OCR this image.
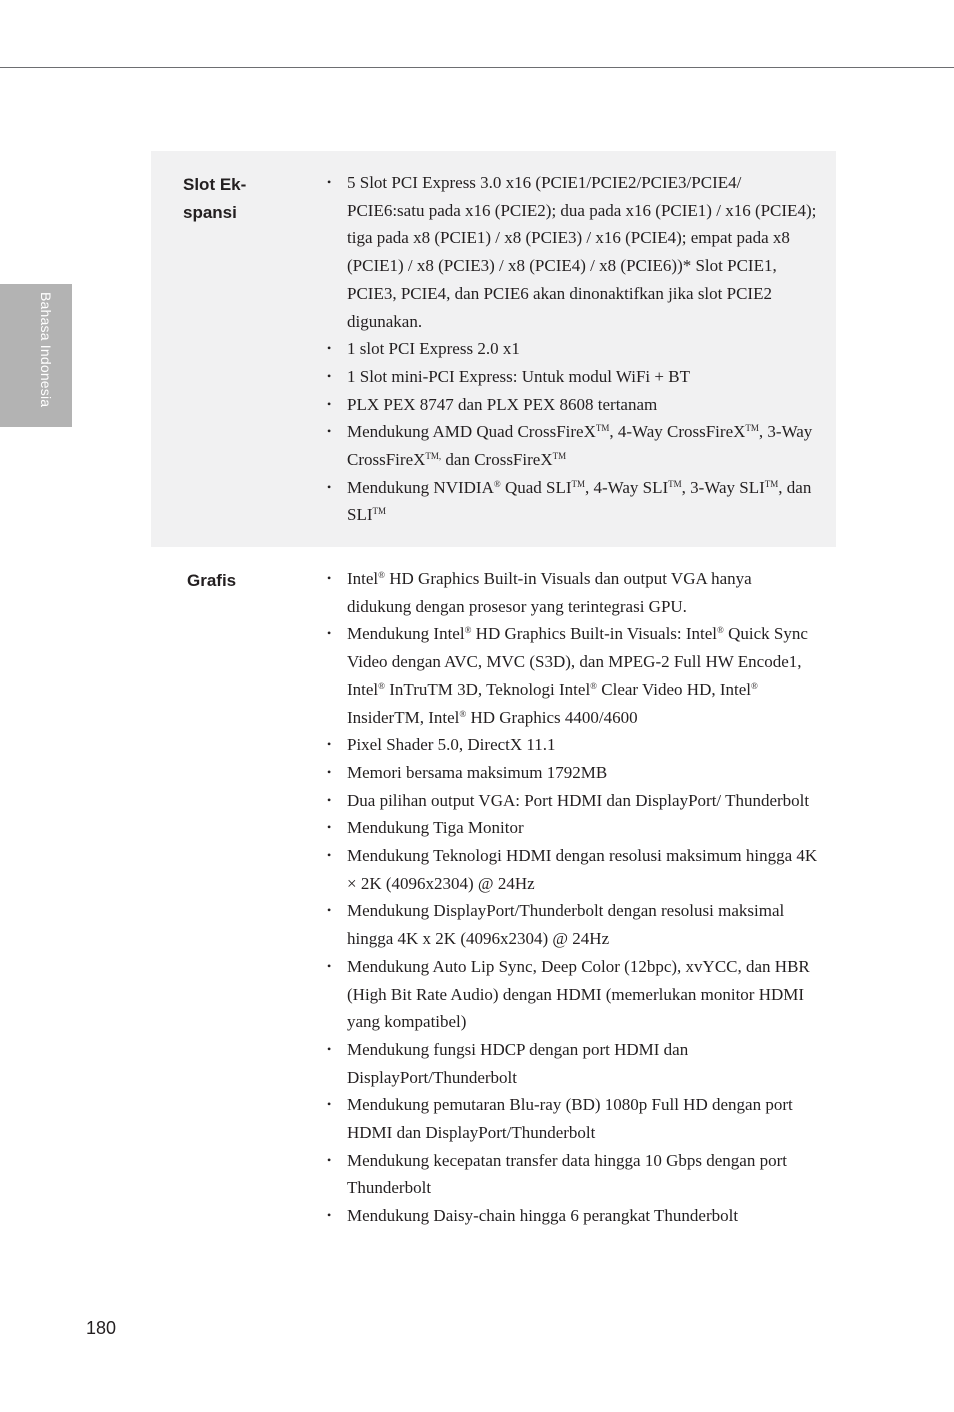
Bahasa Indonesia
Slot Ek-
spansi
• 5 Slot PCI Express 3.0 x16 (PCIE1/PCIE2/PCIE3/PCIE4/ PCIE6:satu pada x16 (PCIE2); dua pada x16 (PCIE1) / x16 (PCIE4); tiga pada x8 (PCIE1) / x8 (PCIE3) / x16 (PCIE4); empat pada x8 (PCIE1) / x8 (PCIE3) / x8 (PCIE4) / x8 (PCIE6))* Slot PCIE1, PCIE3, PCIE4, dan PCIE6 akan dinonaktifkan jika slot PCIE2 digunakan.
• 1 slot PCI Express 2.0 x1
• 1 Slot mini-PCI Express: Untuk modul WiFi + BT
• PLX PEX 8747 dan PLX PEX 8608 tertanam
• Mendukung AMD Quad CrossFireX™, 4-Way CrossFireX™, 3-Way CrossFireX$^{TM,}$ dan CrossFireX™
• Mendukung NVIDIA® Quad SLI™, 4-Way SLI™, 3-Way SLI™, dan SLI™
Grafis	• Intel® HD Graphics Built-in Visuals dan output VGA hanya didukung dengan prosesor yang terintegrasi GPU.
• Mendukung Intel® HD Graphics Built-in Visuals: Intel® Quick Sync Video dengan AVC, MVC (S3D), dan MPEG-2 Full HW Encode1, Intel® InTruTM 3D, Teknologi Intel® Clear Video HD, Intel® InsiderTM, Intel® HD Graphics 4400/4600
• Pixel Shader 5.0, DirectX 11.1
• Memori bersama maksimum 1792MB
• Dua pilihan output VGA: Port HDMI dan DisplayPort/ Thunderbolt
• Mendukung Tiga Monitor
• Mendukung Teknologi HDMI dengan resolusi maksimum hingga 4K × 2K (4096x2304) @ 24Hz
• Mendukung DisplayPort/Thunderbolt dengan resolusi maksimal hingga 4K x 2K (4096x2304) @ 24Hz
• Mendukung Auto Lip Sync, Deep Color (12bpc), xvYCC, dan HBR (High Bit Rate Audio) dengan HDMI (memerlukan monitor HDMI yang kompatibel)
• Mendukung fungsi HDCP dengan port HDMI dan DisplayPort/Thunderbolt
• Mendukung pemutaran Blu-ray (BD) 1080p Full HD dengan port HDMI dan DisplayPort/Thunderbolt
• Mendukung kecepatan transfer data hingga 10 Gbps dengan port Thunderbolt
• Mendukung Daisy-chain hingga 6 perangkat Thunderbolt
180
